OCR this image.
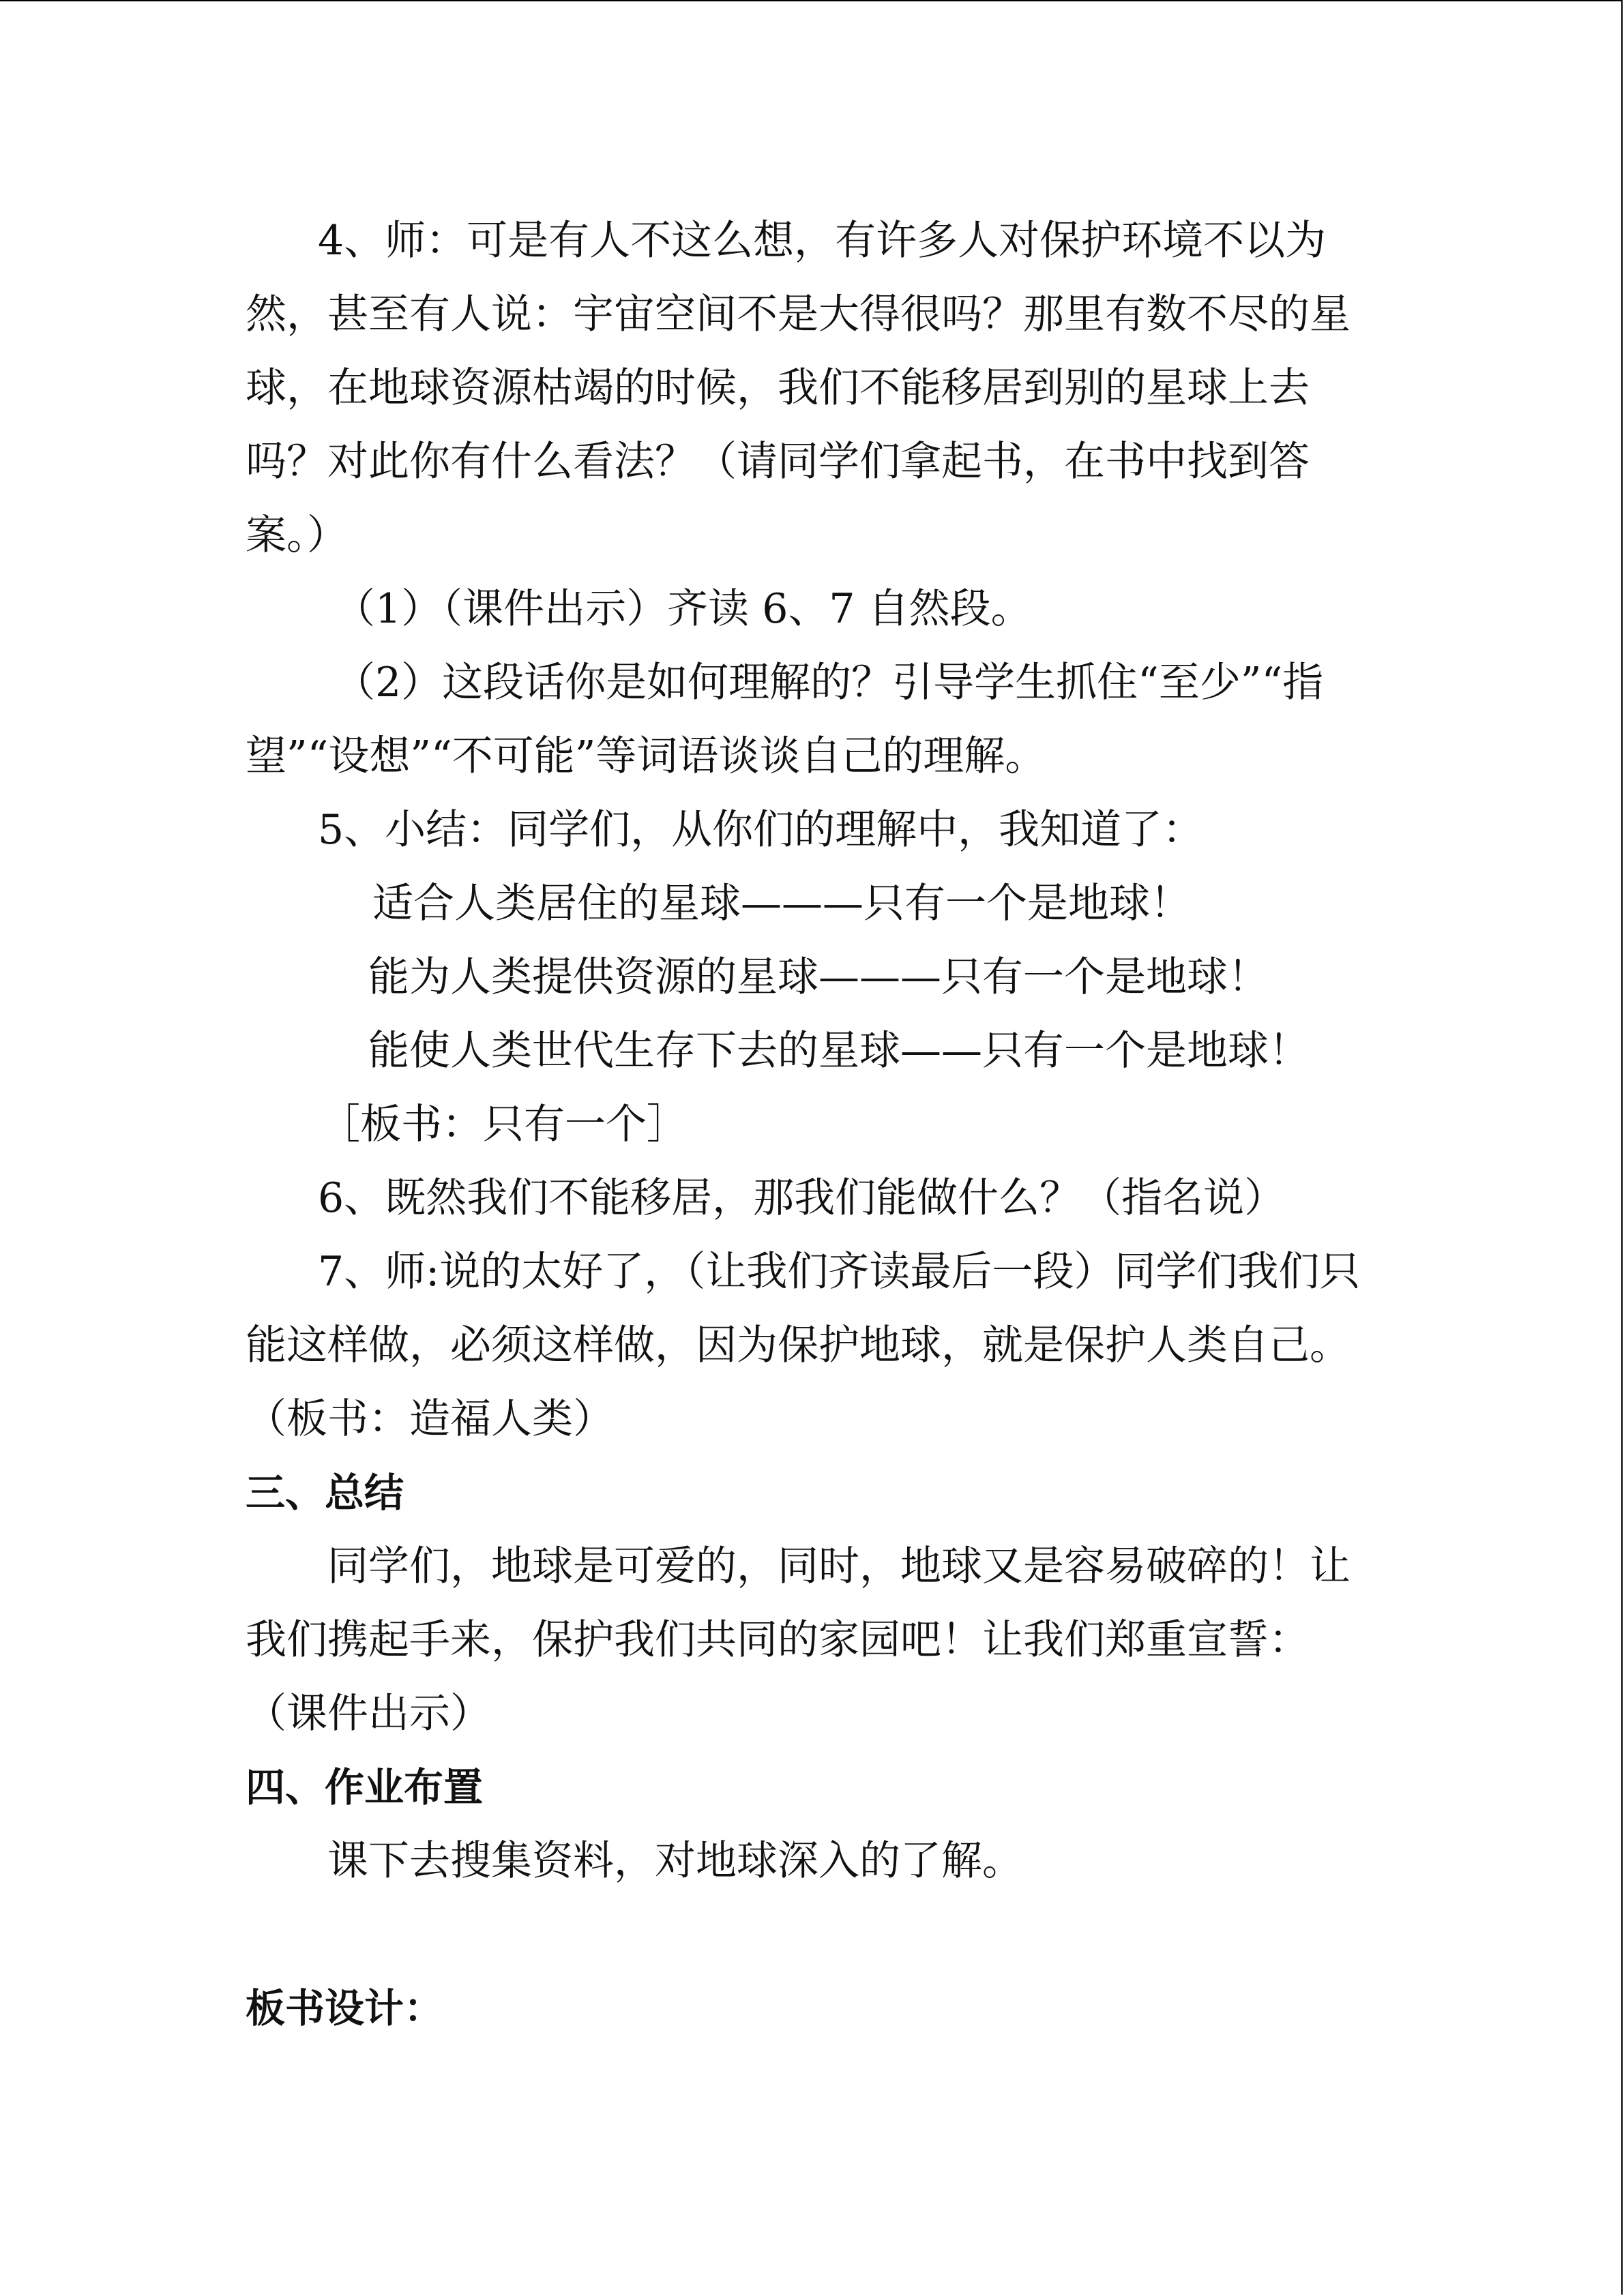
4、师：可是有人不这么想，有许多人对保护环境不以为
然，甚至有人说：宇宙空间不是大得很吗？那里有数不尽的星
球，在地球资源枯竭的时候，我们不能移居到别的星球上去
吗？对此你有什么看法？（请同学们拿起书，在书中找到答
案。）
（1）（课件出示）齐读 6、7 自然段。
（2）这段话你是如何理解的？引导学生抓住“至少”“指
望”“设想”“不可能”等词语谈谈自己的理解。
5、小结：同学们，从你们的理解中，我知道了：
适合人类居住的星球———只有一个是地球！
能为人类提供资源的星球———只有一个是地球！
能使人类世代生存下去的星球——只有一个是地球！
［板书：只有一个］
6、既然我们不能移居，那我们能做什么？（指名说）
7、师:说的太好了，（让我们齐读最后一段）同学们我们只
能这样做，必须这样做，因为保护地球，就是保护人类自己。
（板书：造福人类）
三、总结
同学们，地球是可爱的，同时，地球又是容易破碎的！让
我们携起手来，保护我们共同的家园吧！让我们郑重宣誓：
（课件出示）
四、作业布置
课下去搜集资料，对地球深入的了解。
板书设计：
